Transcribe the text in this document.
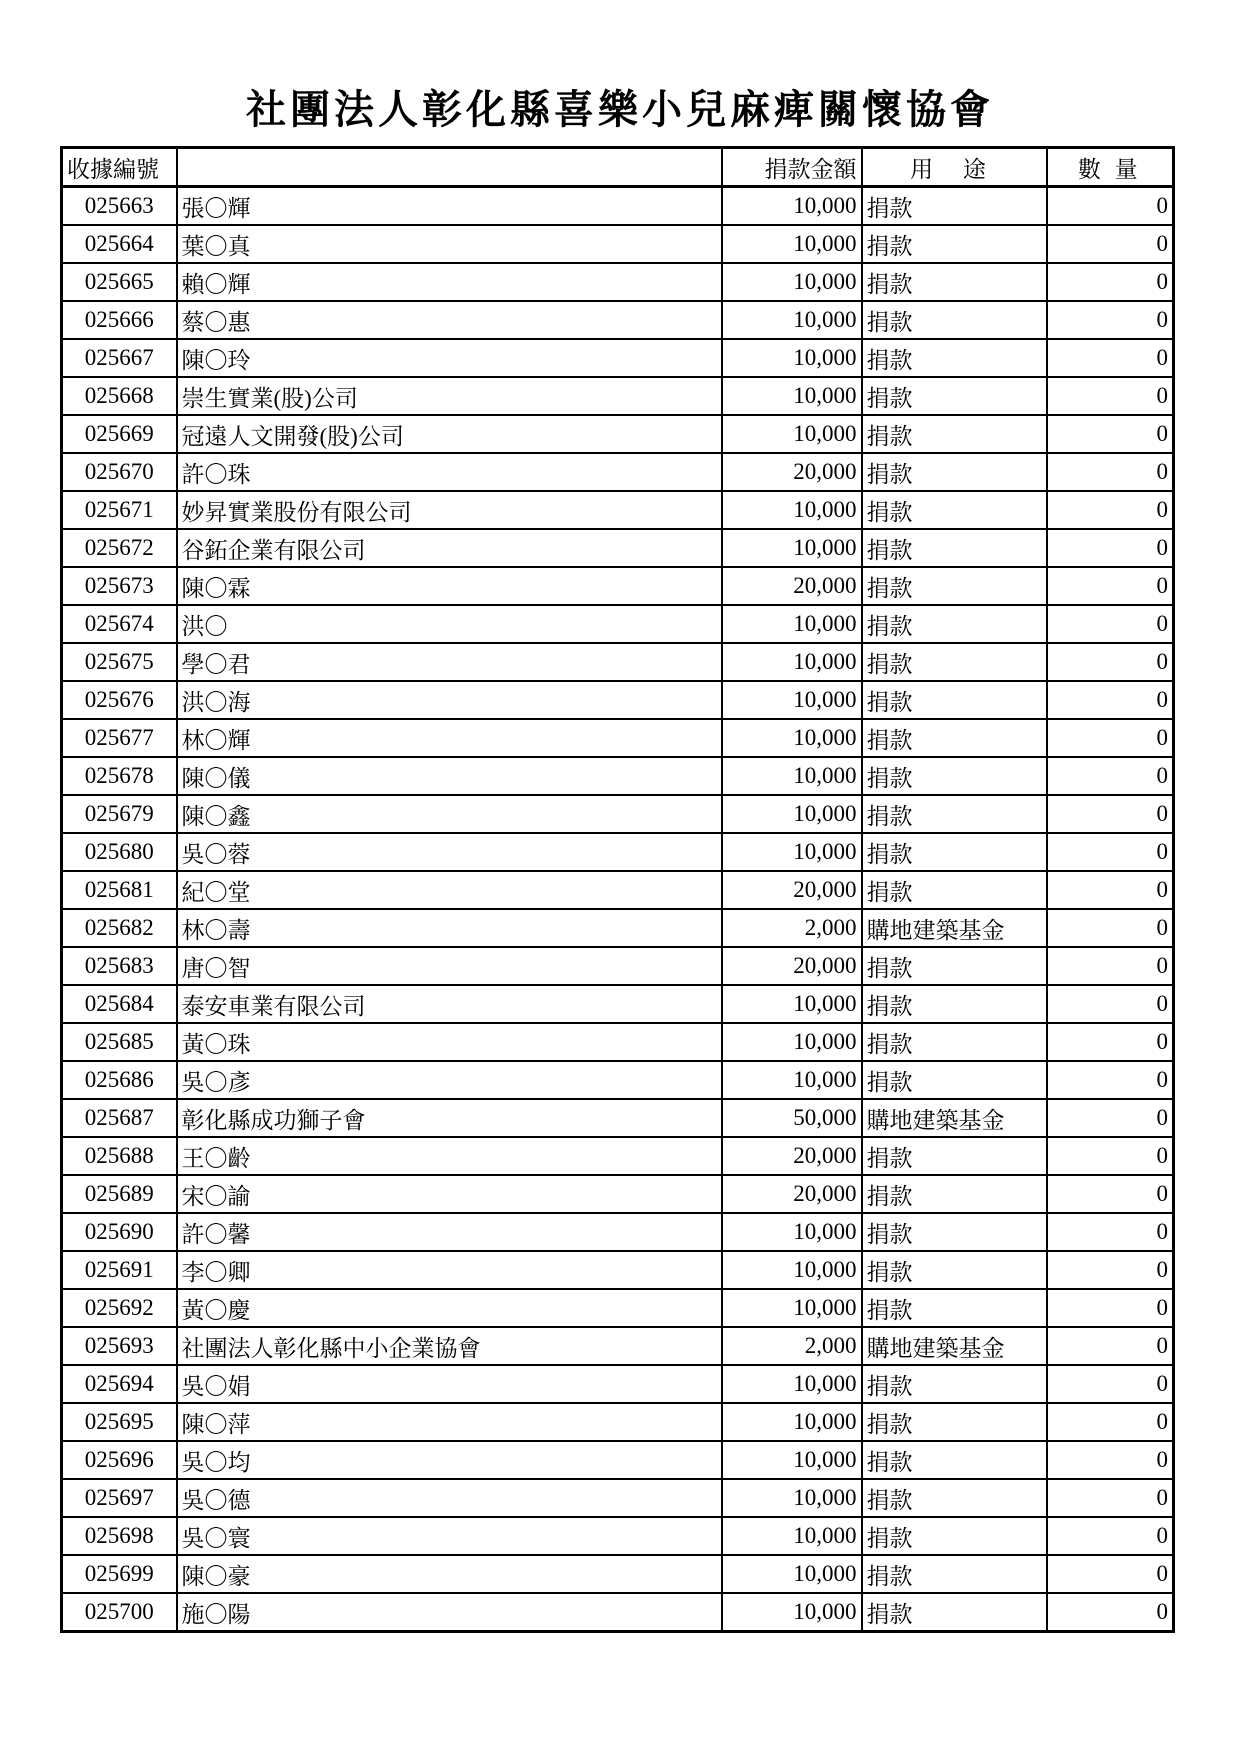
社團法人彰化縣喜樂小兒麻痺關懷協會
收據編號		捐款金額	用 途	數 量
025663	張〇輝	10,000	捐款	0
025664	葉〇真	10,000	捐款	0
025665	賴〇輝	10,000	捐款	0
025666	蔡〇惠	10,000	捐款	0
025667	陳〇玲	10,000	捐款	0
025668	崇生實業(股)公司	10,000	捐款	0
025669	冠遠人文開發(股)公司	10,000	捐款	0
025670	許〇珠	20,000	捐款	0
025671	妙昇實業股份有限公司	10,000	捐款	0
025672	谷鉐企業有限公司	10,000	捐款	0
025673	陳〇霖	20,000	捐款	0
025674	洪〇	10,000	捐款	0
025675	學〇君	10,000	捐款	0
025676	洪〇海	10,000	捐款	0
025677	林〇輝	10,000	捐款	0
025678	陳〇儀	10,000	捐款	0
025679	陳〇鑫	10,000	捐款	0
025680	吳〇蓉	10,000	捐款	0
025681	紀〇堂	20,000	捐款	0
025682	林〇壽	2,000	購地建築基金	0
025683	唐〇智	20,000	捐款	0
025684	泰安車業有限公司	10,000	捐款	0
025685	黃〇珠	10,000	捐款	0
025686	吳〇彥	10,000	捐款	0
025687	彰化縣成功獅子會	50,000	購地建築基金	0
025688	王〇齡	20,000	捐款	0
025689	宋〇諭	20,000	捐款	0
025690	許〇馨	10,000	捐款	0
025691	李〇卿	10,000	捐款	0
025692	黃〇慶	10,000	捐款	0
025693	社團法人彰化縣中小企業協會	2,000	購地建築基金	0
025694	吳〇娟	10,000	捐款	0
025695	陳〇萍	10,000	捐款	0
025696	吳〇均	10,000	捐款	0
025697	吳〇德	10,000	捐款	0
025698	吳〇寰	10,000	捐款	0
025699	陳〇豪	10,000	捐款	0
025700	施〇陽	10,000	捐款	0
